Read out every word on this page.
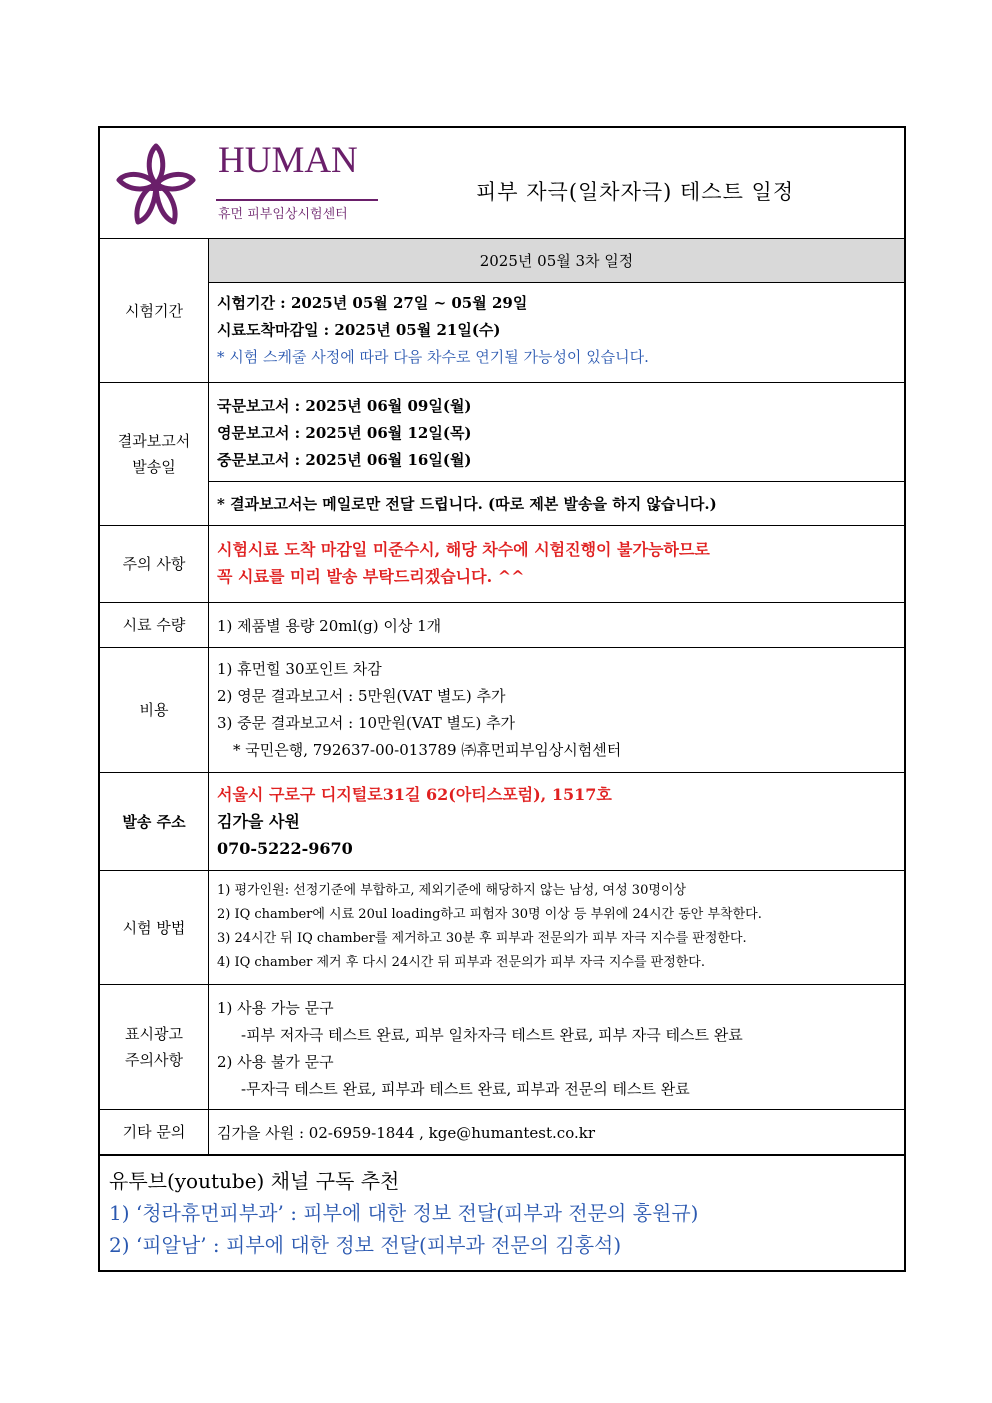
H
HUMAN
휴먼 피부임상시험센터
피부 자극(일차자극) 테스트 일정
시험기간
2025년 05월 3차 일정
시험기간 : 2025년 05월 27일 ~ 05월 29일
시료도착마감일 : 2025년 05월 21일(수)
* 시험 스케줄 사정에 따라 다음 차수로 연기될 가능성이 있습니다.
결과보고서
발송일
국문보고서 : 2025년 06월 09일(월)
영문보고서 : 2025년 06월 12일(목)
중문보고서 : 2025년 06월 16일(월)
* 결과보고서는 메일로만 전달 드립니다. (따로 제본 발송을 하지 않습니다.)
주의 사항
시험시료 도착 마감일 미준수시, 해당 차수에 시험진행이 불가능하므로
꼭 시료를 미리 발송 부탁드리겠습니다. ^^
시료 수량 1) 제품별 용량 20ml(g) 이상 1개
비용
1) 휴먼힐 30포인트 차감
2) 영문 결과보고서 : 5만원(VAT 별도) 추가
3) 중문 결과보고서 : 10만원(VAT 별도) 추가
* 국민은행, 792637-00-013789 ㈜휴먼피부임상시험센터
발송 주소
서울시 구로구 디지털로31길 62(아티스포럼), 1517호
김가을 사원
070-5222-9670
시험 방법
1) 평가인원: 선정기준에 부합하고, 제외기준에 해당하지 않는 남성, 여성 30명이상
2) IQ chamber에 시료 20ul loading하고 피험자 30명 이상 등 부위에 24시간 동안 부착한다.
3) 24시간 뒤 IQ chamber를 제거하고 30분 후 피부과 전문의가 피부 자극 지수를 판정한다.
4) IQ chamber 제거 후 다시 24시간 뒤 피부과 전문의가 피부 자극 지수를 판정한다.
표시광고
주의사항
1) 사용 가능 문구
-피부 저자극 테스트 완료, 피부 일차자극 테스트 완료, 피부 자극 테스트 완료
2) 사용 불가 문구
-무자극 테스트 완료, 피부과 테스트 완료, 피부과 전문의 테스트 완료
기타 문의 김가을 사원 : 02-6959-1844 , kge@humantest.co.kr
유투브(youtube) 채널 구독 추천
1) ‘청라휴먼피부과’ : 피부에 대한 정보 전달(피부과 전문의 홍원규)
2) ‘피알남’ : 피부에 대한 정보 전달(피부과 전문의 김홍석)
